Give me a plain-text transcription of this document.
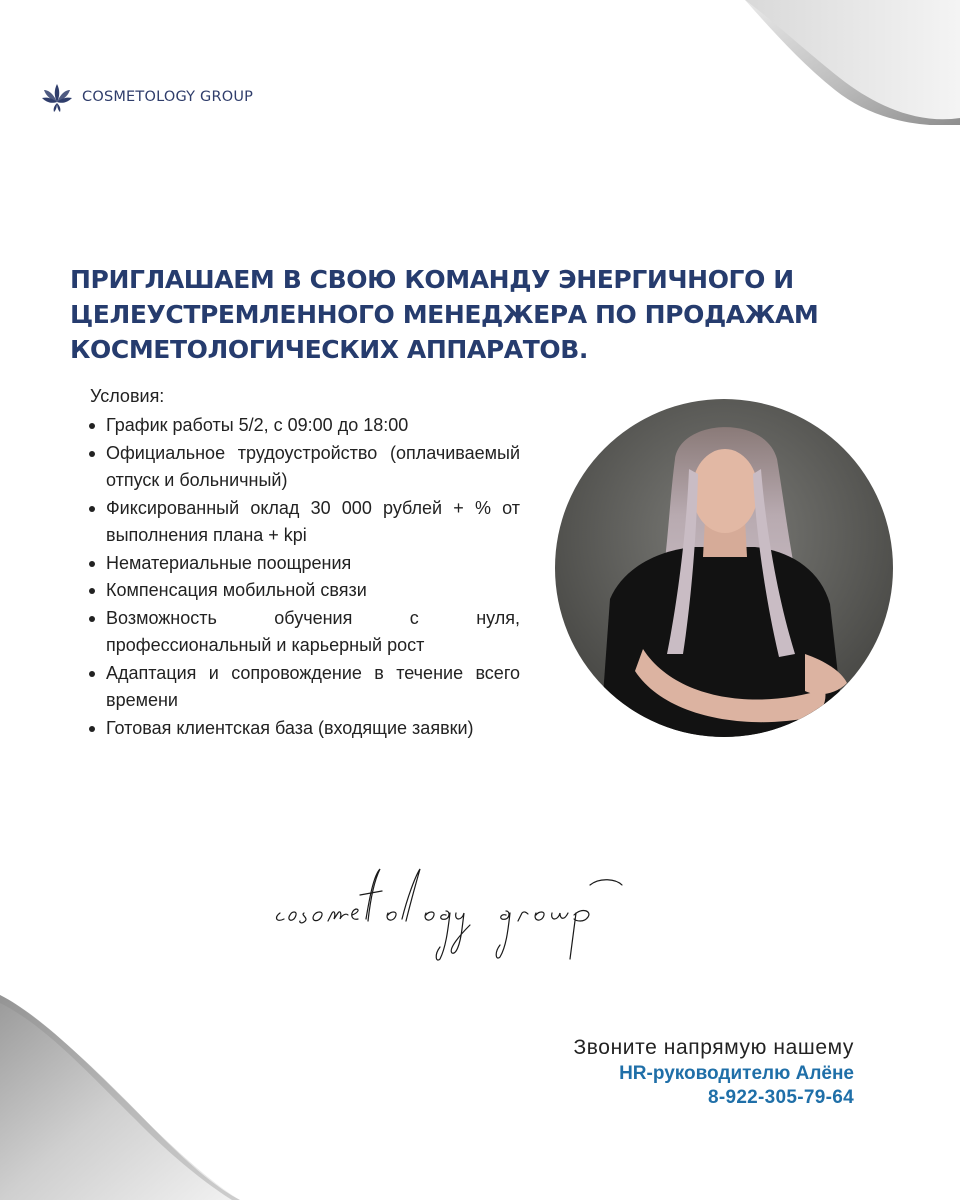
COSMETOLOGY GROUP
ПРИГЛАШАЕМ В СВОЮ КОМАНДУ ЭНЕРГИЧНОГО И
ЦЕЛЕУСТРЕМЛЕННОГО МЕНЕДЖЕРА ПО ПРОДАЖАМ
КОСМЕТОЛОГИЧЕСКИХ АППАРАТОВ.
Условия:
График работы 5/2, с 09:00 до 18:00
Официальное трудоустройство (оплачиваемый отпуск и больничный)
Фиксированный оклад 30 000 рублей + % от выполнения плана + kpi
Нематериальные поощрения
Компенсация мобильной связи
Возможность обучения с нуля, профессиональный и карьерный рост
Адаптация и сопровождение в течение всего времени
Готовая клиентская база (входящие заявки)
Звоните напрямую нашему
HR-руководителю Алёне
8-922-305-79-64
